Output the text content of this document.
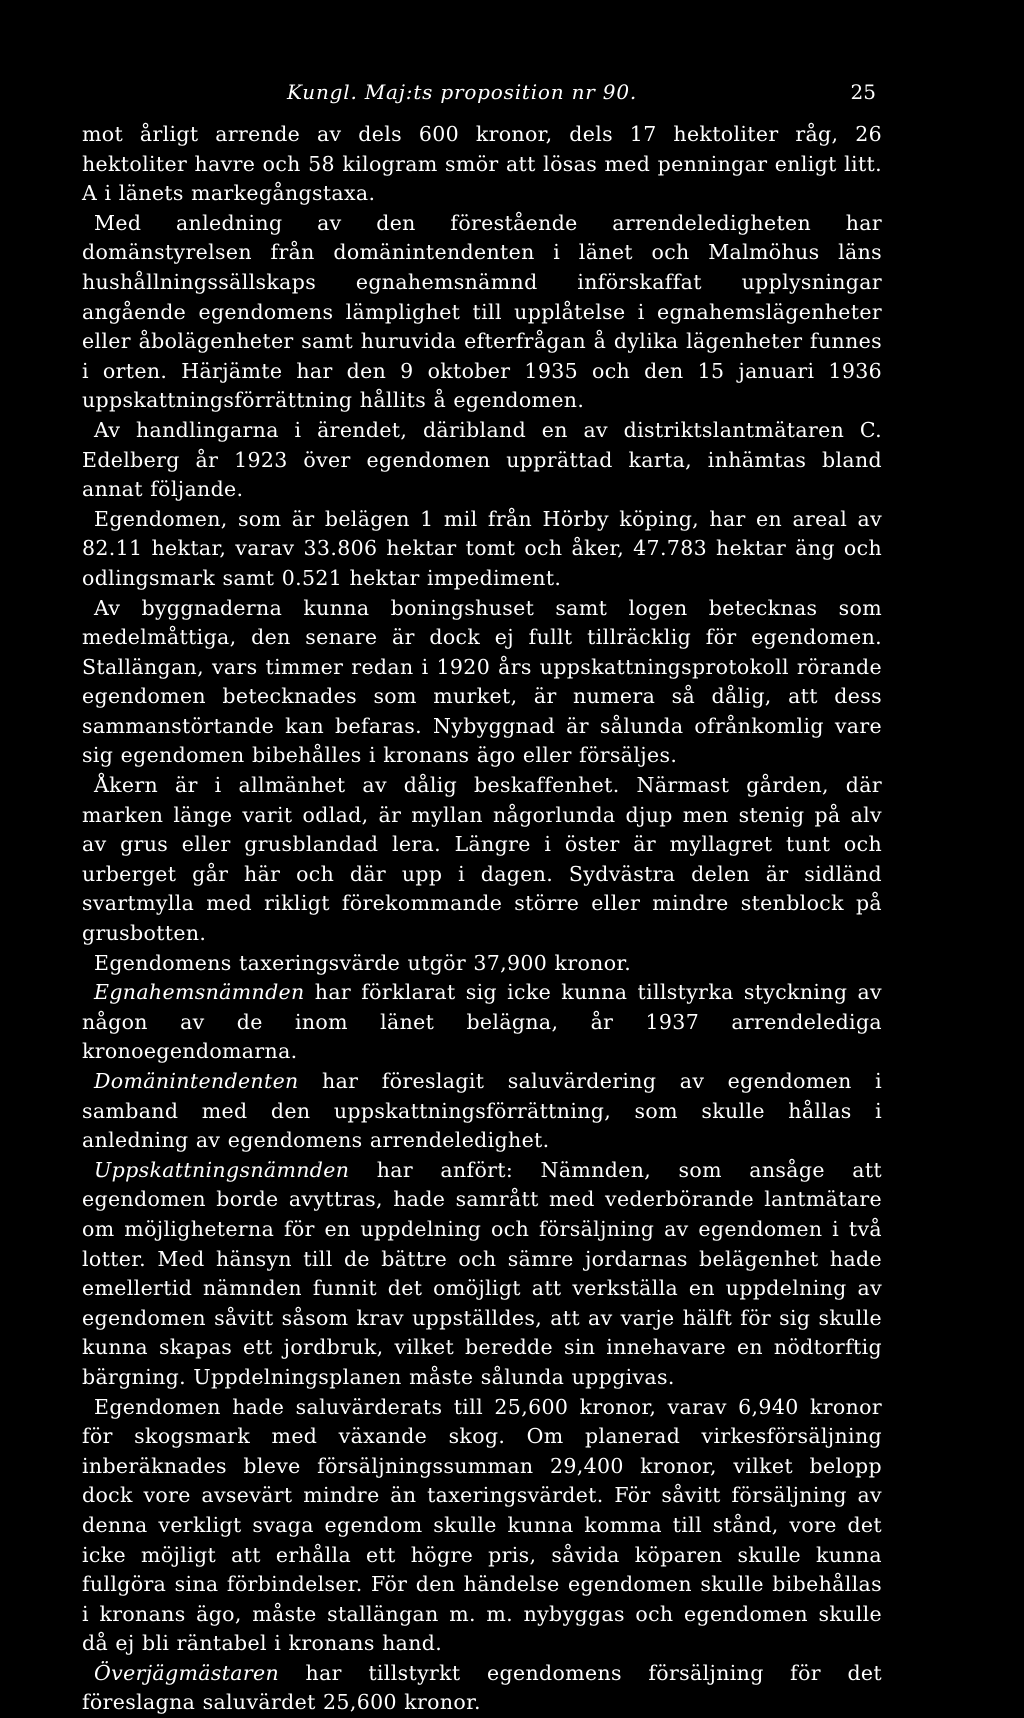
Kungl. Maj:ts proposition nr 90.	25

mot årligt arrende av dels 600 kronor, dels 17 hektoliter råg, 26 hektoliter havre och 58 kilogram smör att lösas med penningar enligt litt. A i länets markegångstaxa.

Med anledning av den förestående arrendeledigheten har domänstyrelsen från domänintendenten i länet och Malmöhus läns hushållningssällskaps egnahemsnämnd införskaffat upplysningar angående egendomens lämplighet till upplåtelse i egnahemslägenheter eller åbolägenheter samt huruvida efterfrågan å dylika lägenheter funnes i orten. Härjämte har den 9 oktober 1935 och den 15 januari 1936 uppskattningsförrättning hållits å egendomen.

Av handlingarna i ärendet, däribland en av distriktslantmätaren C. Edelberg år 1923 över egendomen upprättad karta, inhämtas bland annat följande.

Egendomen, som är belägen 1 mil från Hörby köping, har en areal av 82.11 hektar, varav 33.806 hektar tomt och åker, 47.783 hektar äng och odlingsmark samt 0.521 hektar impediment.

Av byggnaderna kunna boningshuset samt logen betecknas som medelmåttiga, den senare är dock ej fullt tillräcklig för egendomen. Stallängan, vars timmer redan i 1920 års uppskattningsprotokoll rörande egendomen betecknades som murket, är numera så dålig, att dess sammanstörtande kan befaras. Nybyggnad är sålunda ofrånkomlig vare sig egendomen bibehålles i kronans ägo eller försäljes.

Åkern är i allmänhet av dålig beskaffenhet. Närmast gården, där marken länge varit odlad, är myllan någorlunda djup men stenig på alv av grus eller grusblandad lera. Längre i öster är myllagret tunt och urberget går här och där upp i dagen. Sydvästra delen är sidländ svartmylla med rikligt förekommande större eller mindre stenblock på grusbotten.

Egendomens taxeringsvärde utgör 37,900 kronor.

Egnahemsnämnden har förklarat sig icke kunna tillstyrka styckning av någon av de inom länet belägna, år 1937 arrendelediga kronoegendomarna.

Domänintendenten har föreslagit saluvärdering av egendomen i samband med den uppskattningsförrättning, som skulle hållas i anledning av egendomens arrendeledighet.

Uppskattningsnämnden har anfört: Nämnden, som ansåge att egendomen borde avyttras, hade samrått med vederbörande lantmätare om möjligheterna för en uppdelning och försäljning av egendomen i två lotter. Med hänsyn till de bättre och sämre jordarnas belägenhet hade emellertid nämnden funnit det omöjligt att verkställa en uppdelning av egendomen såvitt såsom krav uppställdes, att av varje hälft för sig skulle kunna skapas ett jordbruk, vilket beredde sin innehavare en nödtorftig bärgning. Uppdelningsplanen måste sålunda uppgivas.

Egendomen hade saluvärderats till 25,600 kronor, varav 6,940 kronor för skogsmark med växande skog. Om planerad virkesförsäljning inberäknades bleve försäljningssumman 29,400 kronor, vilket belopp dock vore avsevärt mindre än taxeringsvärdet. För såvitt försäljning av denna verkligt svaga egendom skulle kunna komma till stånd, vore det icke möjligt att erhålla ett högre pris, såvida köparen skulle kunna fullgöra sina förbindelser. För den händelse egendomen skulle bibehållas i kronans ägo, måste stallängan m. m. nybyggas och egendomen skulle då ej bli räntabel i kronans hand.

Överjägmästaren har tillstyrkt egendomens försäljning för det föreslagna saluvärdet 25,600 kronor.
